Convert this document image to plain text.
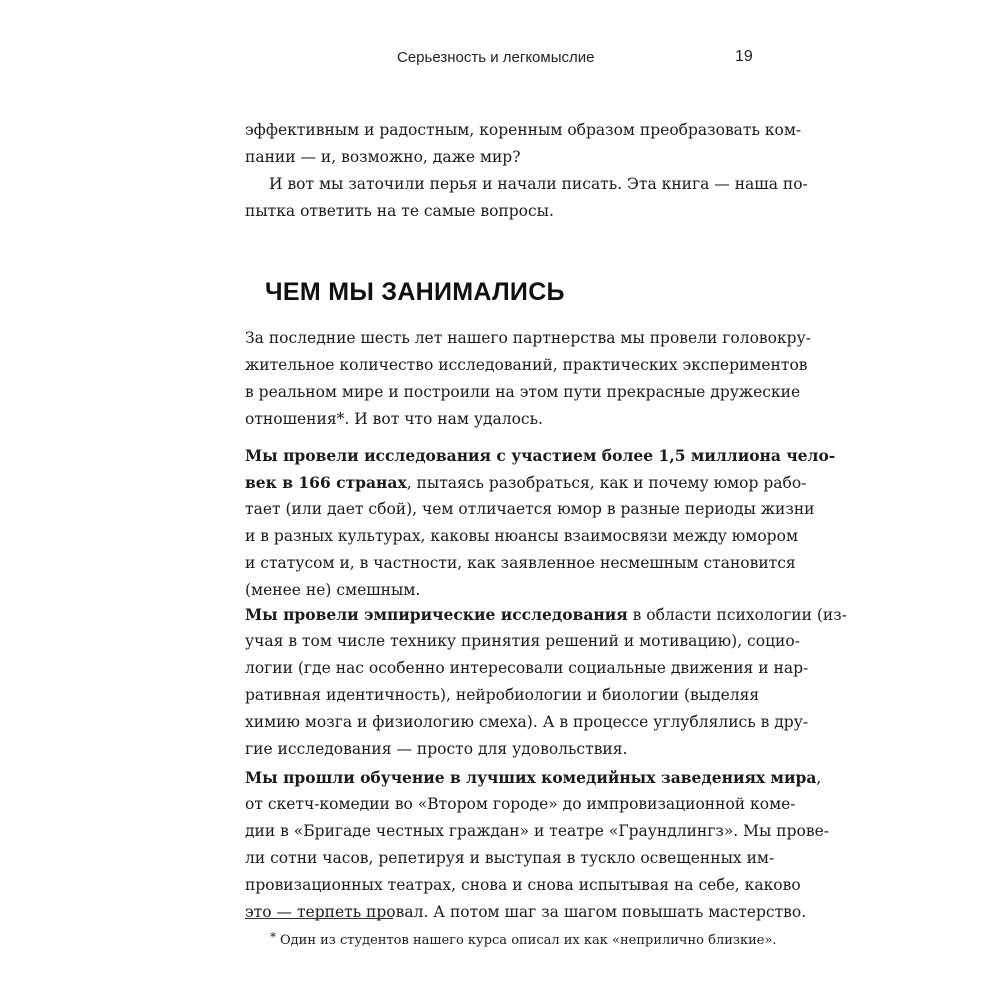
Серьезность и легкомыслие	19
эффективным и радостным, коренным образом преобразовать ком-
пании — и, возможно, даже мир?
И вот мы заточили перья и начали писать. Эта книга — наша по-
пытка ответить на те самые вопросы.
ЧЕМ МЫ ЗАНИМАЛИСЬ
За последние шесть лет нашего партнерства мы провели головокру-
жительное количество исследований, практических экспериментов
в реальном мире и построили на этом пути прекрасные дружеские
отношения*. И вот что нам удалось.
Мы провели исследования с участием более 1,5 миллиона чело-
век в 166 странах, пытаясь разобраться, как и почему юмор рабо-
тает (или дает сбой), чем отличается юмор в разные периоды жизни
и в разных культурах, каковы нюансы взаимосвязи между юмором
и статусом и, в частности, как заявленное несмешным становится
(менее не) смешным.
Мы провели эмпирические исследования в области психологии (из-
учая в том числе технику принятия решений и мотивацию), социо-
логии (где нас особенно интересовали социальные движения и нар-
ративная идентичность), нейробиологии и биологии (выделяя
химию мозга и физиологию смеха). А в процессе углублялись в дру-
гие исследования — просто для удовольствия.
Мы прошли обучение в лучших комедийных заведениях мира,
от скетч-комедии во «Втором городе» до импровизационной коме-
дии в «Бригаде честных граждан» и театре «Граундлингз». Мы прове-
ли сотни часов, репетируя и выступая в тускло освещенных им-
провизационных театрах, снова и снова испытывая на себе, каково
это — терпеть провал. А потом шаг за шагом повышать мастерство.
* Один из студентов нашего курса описал их как «неприлично близкие».
